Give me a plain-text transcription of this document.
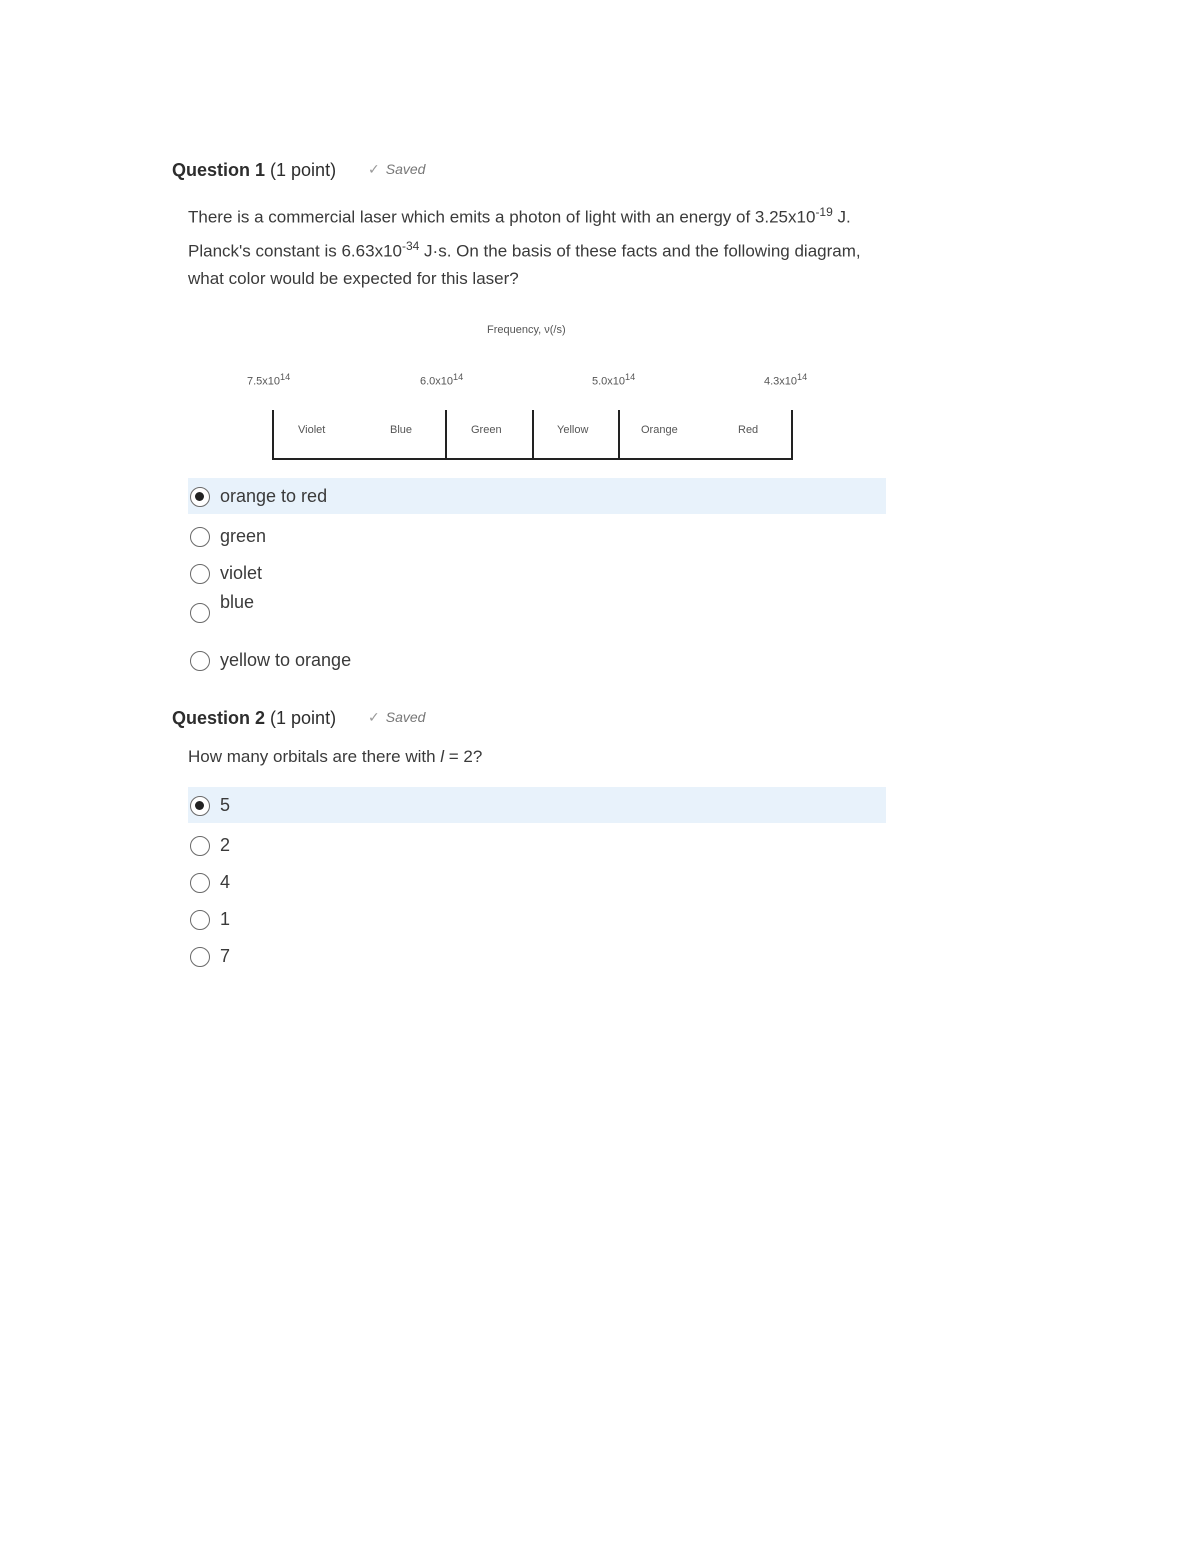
Question 1 (1 point) ✓ Saved
There is a commercial laser which emits a photon of light with an energy of $3.25x10^{-19}$ J. Planck's constant is $6.63x10^{-34}$ J·s. On the basis of these facts and the following diagram, what color would be expected for this laser?
Frequency, ν(/s)
$7.5x10^{14}$	$6.0x10^{14}$	$5.0x10^{14}$	$4.3x10^{14}$
Violet	Blue	Green	Yellow	Orange	Red
orange to red
green
violet
blue
yellow to orange
Question 2 (1 point) ✓ Saved
How many orbitals are there with l = 2?
5
2
4
1
7
